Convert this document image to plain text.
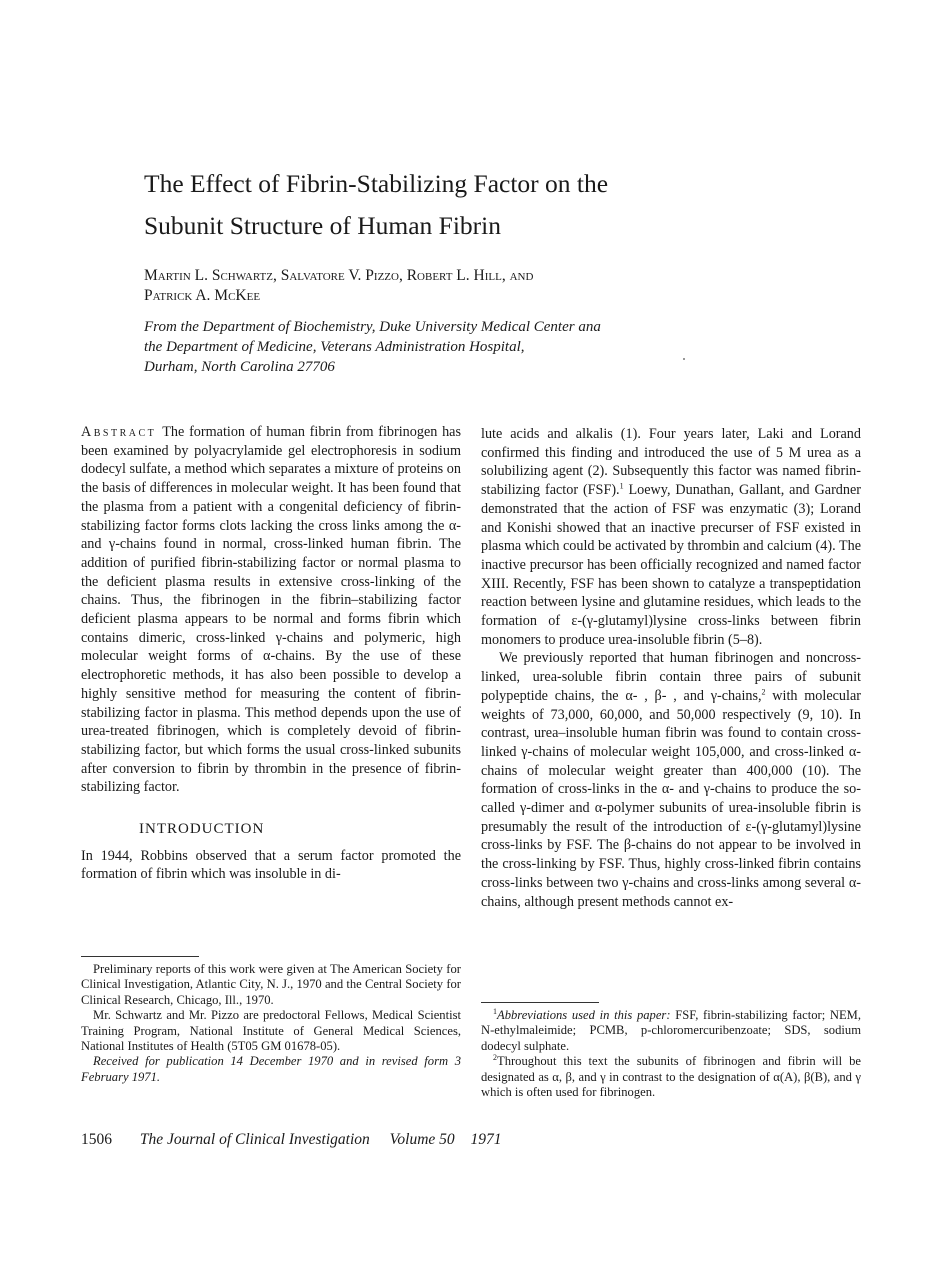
The Effect of Fibrin-Stabilizing Factor on the
Subunit Structure of Human Fibrin
Martin L. Schwartz, Salvatore V. Pizzo, Robert L. Hill, and
Patrick A. McKee
From the Department of Biochemistry, Duke University Medical Center ana
the Department of Medicine, Veterans Administration Hospital,
Durham, North Carolina 27706

Abstract The formation of human fibrin from fibrinogen has been examined by polyacrylamide gel electrophoresis in sodium dodecyl sulfate, a method which separates a mixture of proteins on the basis of differences in molecular weight. It has been found that the plasma from a patient with a congenital deficiency of fibrin-stabilizing factor forms clots lacking the cross links among the α- and γ-chains found in normal, cross-linked human fibrin. The addition of purified fibrin-stabilizing factor or normal plasma to the deficient plasma results in extensive cross-linking of the chains. Thus, the fibrinogen in the fibrin–stabilizing factor deficient plasma appears to be normal and forms fibrin which contains dimeric, cross-linked γ-chains and polymeric, high molecular weight forms of α-chains. By the use of these electrophoretic methods, it has also been possible to develop a highly sensitive method for measuring the content of fibrin-stabilizing factor in plasma. This method depends upon the use of urea-treated fibrinogen, which is completely devoid of fibrin-stabilizing factor, but which forms the usual cross-linked subunits after conversion to fibrin by thrombin in the presence of fibrin-stabilizing factor.

INTRODUCTION

In 1944, Robbins observed that a serum factor promoted the formation of fibrin which was insoluble in di-

Preliminary reports of this work were given at The American Society for Clinical Investigation, Atlantic City, N. J., 1970 and the Central Society for Clinical Research, Chicago, Ill., 1970.

Mr. Schwartz and Mr. Pizzo are predoctoral Fellows, Medical Scientist Training Program, National Institute of General Medical Sciences, National Institutes of Health (5T05 GM 01678-05).

Received for publication 14 December 1970 and in revised form 3 February 1971.

lute acids and alkalis (1). Four years later, Laki and Lorand confirmed this finding and introduced the use of 5 M urea as a solubilizing agent (2). Subsequently this factor was named fibrin-stabilizing factor (FSF).$^1$ Loewy, Dunathan, Gallant, and Gardner demonstrated that the action of FSF was enzymatic (3); Lorand and Konishi showed that an inactive precurser of FSF existed in plasma which could be activated by thrombin and calcium (4). The inactive precursor has been officially recognized and named factor XIII. Recently, FSF has been shown to catalyze a transpeptidation reaction between lysine and glutamine residues, which leads to the formation of ε-(γ-glutamyl)lysine cross-links between fibrin monomers to produce urea-insoluble fibrin (5–8).

We previously reported that human fibrinogen and noncross-linked, urea-soluble fibrin contain three pairs of subunit polypeptide chains, the α- , β- , and γ-chains,$^2$ with molecular weights of 73,000, 60,000, and 50,000 respectively (9, 10). In contrast, urea–insoluble human fibrin was found to contain cross-linked γ-chains of molecular weight 105,000, and cross-linked α-chains of molecular weight greater than 400,000 (10). The formation of cross-links in the α- and γ-chains to produce the so-called γ-dimer and α-polymer subunits of urea-insoluble fibrin is presumably the result of the introduction of ε-(γ-glutamyl)lysine cross-links by FSF. The β-chains do not appear to be involved in the cross-linking by FSF. Thus, highly cross-linked fibrin contains cross-links between two γ-chains and cross-links among several α-chains, although present methods cannot ex-

$^1$Abbreviations used in this paper: FSF, fibrin-stabilizing factor; NEM, N-ethylmaleimide; PCMB, p-chloromercuribenzoate; SDS, sodium dodecyl sulphate.

$^2$Throughout this text the subunits of fibrinogen and fibrin will be designated as α, β, and γ in contrast to the designation of α(A), β(B), and γ which is often used for fibrinogen.

1506 The Journal of Clinical Investigation Volume 50 1971
